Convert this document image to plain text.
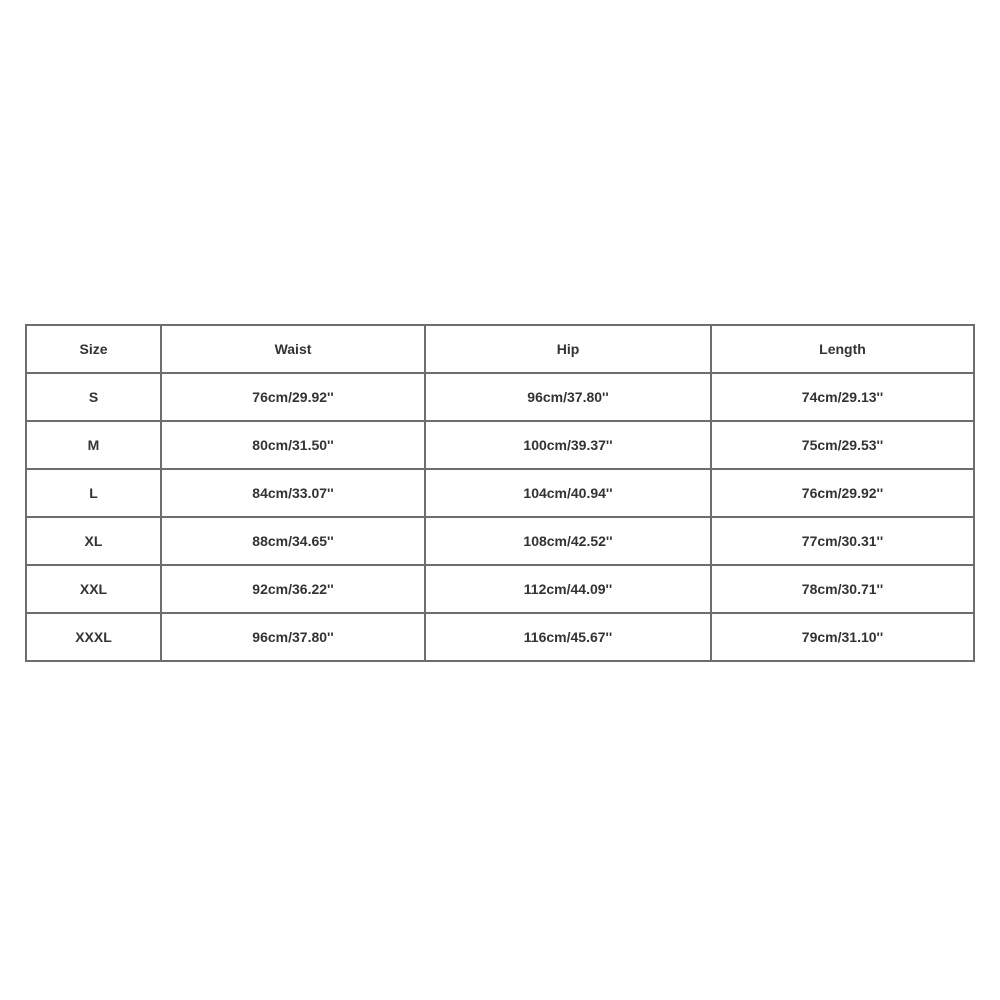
Size	Waist	Hip	Length
S	76cm/29.92''	96cm/37.80''	74cm/29.13''
M	80cm/31.50''	100cm/39.37''	75cm/29.53''
L	84cm/33.07''	104cm/40.94''	76cm/29.92''
XL	88cm/34.65''	108cm/42.52''	77cm/30.31''
XXL	92cm/36.22''	112cm/44.09''	78cm/30.71''
XXXL	96cm/37.80''	116cm/45.67''	79cm/31.10''
